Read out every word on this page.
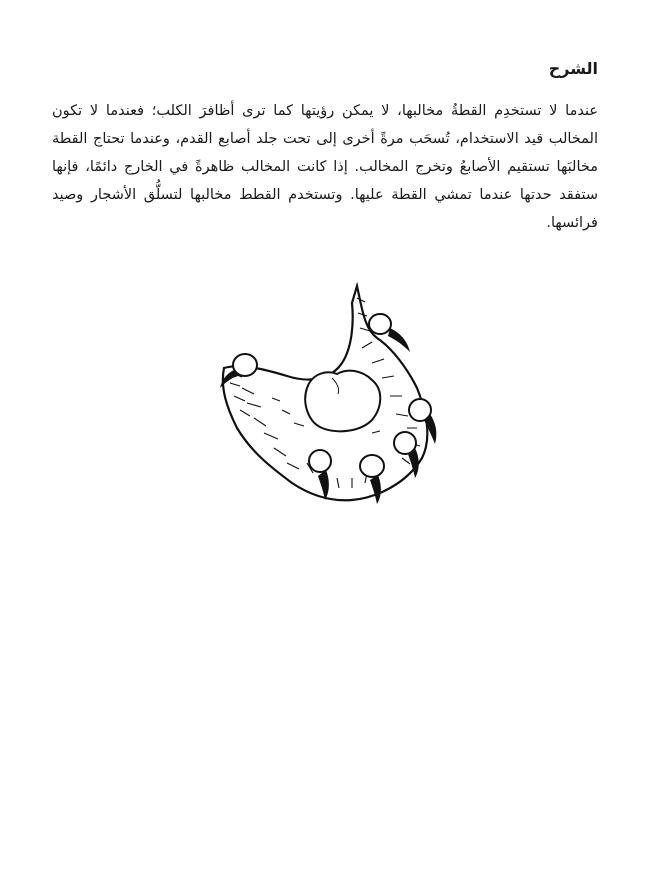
الشرح

عندما لا تستخدِم القطةُ مخالبها، لا يمكن رؤيتها كما ترى أظافرَ الكلب؛ فعندما لا تكون المخالب قيد الاستخدام، تُسحَب مرةً أخرى إلى تحت جلد أصابع القدم، وعندما تحتاج القطة مخالبَها تستقيم الأصابعُ وتخرج المخالب. إذا كانت المخالب ظاهرةً في الخارج دائمًا، فإنها ستفقد حدتها عندما تمشي القطة عليها. وتستخدم القطط مخالبها لتسلُّق الأشجار وصيد فرائسها.
